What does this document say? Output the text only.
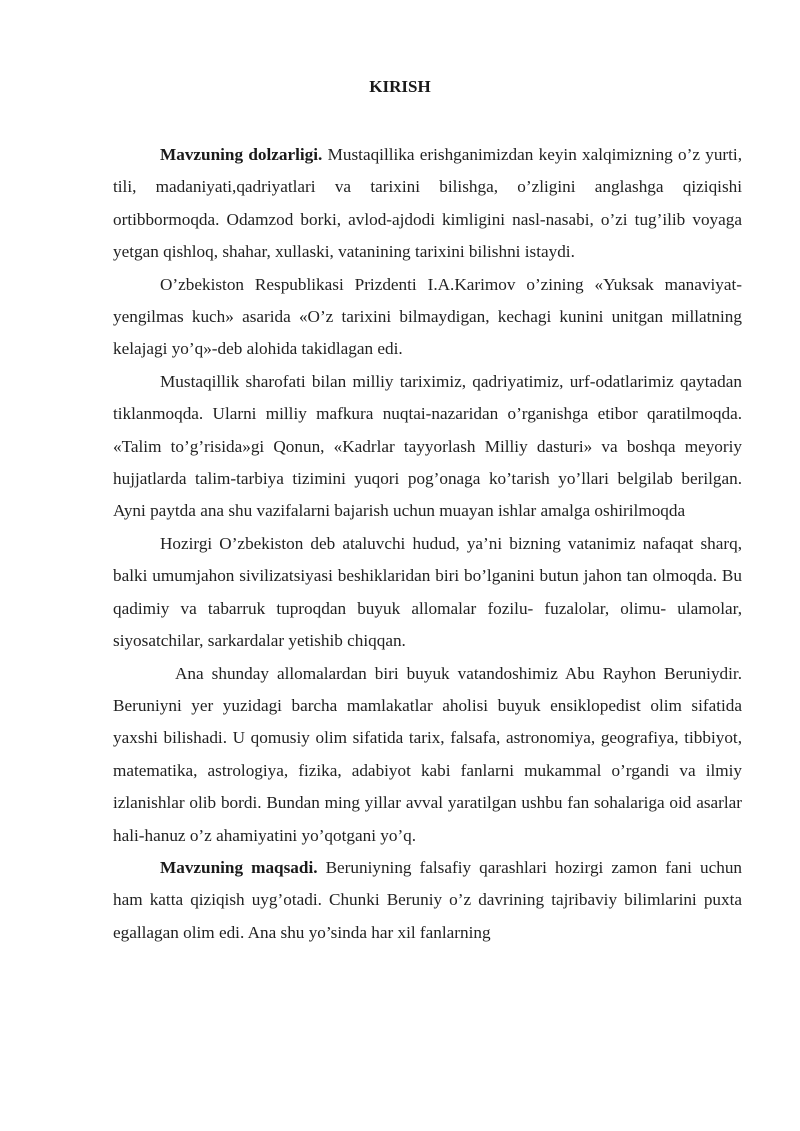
KIRISH

Mavzuning dolzarligi. Mustaqillika erishganimizdan keyin xalqimizning o’z yurti, tili, madaniyati,qadriyatlari va tarixini bilishga, o’zligini anglashga qiziqishi ortibbormoqda. Odamzod borki, avlod-ajdodi kimligini nasl-nasabi, o’zi tug’ilib voyaga yetgan qishloq, shahar, xullaski, vatanining tarixini bilishni istaydi.

O’zbekiston Respublikasi Prizdenti I.A.Karimov o’zining «Yuksak manaviyat-yengilmas kuch» asarida «O’z tarixini bilmaydigan, kechagi kunini unitgan millatning kelajagi yo’q»-deb alohida takidlagan edi.

Mustaqillik sharofati bilan milliy tariximiz, qadriyatimiz, urf-odatlarimiz qaytadan tiklanmoqda. Ularni milliy mafkura nuqtai-nazaridan o’rganishga etibor qaratilmoqda. «Talim to’g’risida»gi Qonun, «Kadrlar tayyorlash Milliy dasturi» va boshqa meyoriy hujjatlarda talim-tarbiya tizimini yuqori pog’onaga ko’tarish yo’llari belgilab berilgan. Ayni paytda ana shu vazifalarni bajarish uchun muayan ishlar amalga oshirilmoqda

Hozirgi O’zbekiston deb ataluvchi hudud, ya’ni bizning vatanimiz nafaqat sharq, balki umumjahon sivilizatsiyasi beshiklaridan biri bo’lganini butun jahon tan olmoqda. Bu qadimiy va tabarruk tuproqdan buyuk allomalar fozilu- fuzalolar, olimu- ulamolar, siyosatchilar, sarkardalar yetishib chiqqan.

Ana shunday allomalardan biri buyuk vatandoshimiz Abu Rayhon Beruniydir. Beruniyni yer yuzidagi barcha mamlakatlar aholisi buyuk ensiklopedist olim sifatida yaxshi bilishadi. U qomusiy olim sifatida tarix, falsafa, astronomiya, geografiya, tibbiyot, matematika, astrologiya, fizika, adabiyot kabi fanlarni mukammal o’rgandi va ilmiy izlanishlar olib bordi. Bundan ming yillar avval yaratilgan ushbu fan sohalariga oid asarlar hali-hanuz o’z ahamiyatini yo’qotgani yo’q.

Mavzuning maqsadi. Beruniyning falsafiy qarashlari hozirgi zamon fani uchun ham katta qiziqish uyg’otadi. Chunki Beruniy o’z davrining tajribaviy bilimlarini puxta egallagan olim edi. Ana shu yo’sinda har xil fanlarning
